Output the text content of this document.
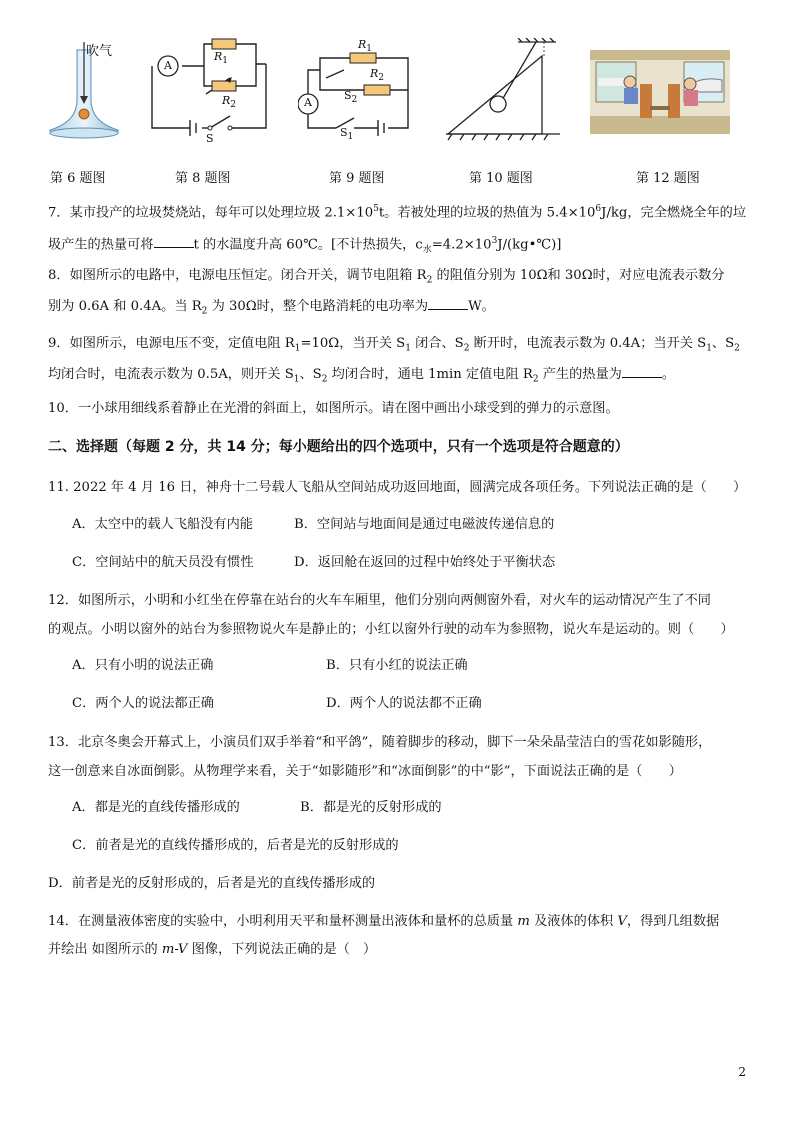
吹气
A
$R_1$
$R_2$
S
$R_1$
$R_2$
A
$S_2$
$S_1$
第 6 题图	第 8 题图	第 9 题图	第 10 题图	第 12 题图
7．某市投产的垃圾焚烧站，每年可以处理垃圾 $2.1\times 10^5t$。若被处理的垃圾的热值为 $5.4\times 10^6J/kg$，完全燃烧全年的垃
圾产生的热量可将	t 的水温度升高 60℃。[不计热损失，$c_水=4.2\times 10^3J/(kg•℃)$]
8．如图所示的电路中，电源电压恒定。闭合开关，调节电阻箱 $R_2$ 的阻值分别为 10Ω和 30Ω时，对应电流表示数分
别为 0.6A 和 0.4A。当 $R_2$ 为 30Ω时，整个电路消耗的电功率为	W。
9．如图所示，电源电压不变，定值电阻 $R_1=10\Omega$，当开关 $S_1$ 闭合、$S_2$ 断开时，电流表示数为 0.4A；当开关 $S_1$、$S_2$
均闭合时，电流表示数为 0.5A，则开关 $S_1$、$S_2$ 均闭合时，通电 1min 定值电阻 $R_2$ 产生的热量为	。
10．一小球用细线系着静止在光滑的斜面上，如图所示。请在图中画出小球受到的弹力的示意图。
二、选择题（每题 2 分，共 14 分；每小题给出的四个选项中，只有一个选项是符合题意的）
11. 2022 年 4 月 16 日，神舟十二号载人飞船从空间站成功返回地面，圆满完成各项任务。下列说法正确的是（　　）
A．太空中的载人飞船没有内能	B．空间站与地面间是通过电磁波传递信息的
C．空间站中的航天员没有惯性	D．返回舱在返回的过程中始终处于平衡状态
12．如图所示，小明和小红坐在停靠在站台的火车车厢里，他们分别向两侧窗外看，对火车的运动情况产生了不同
的观点。小明以窗外的站台为参照物说火车是静止的；小红以窗外行驶的动车为参照物，说火车是运动的。则（　　）
A．只有小明的说法正确	B．只有小红的说法正确
C．两个人的说法都正确	D．两个人的说法都不正确
13．北京冬奥会开幕式上，小演员们双手举着“和平鸽”，随着脚步的移动，脚下一朵朵晶莹洁白的雪花如影随形，
这一创意来自冰面倒影。从物理学来看，关于“如影随形”和“冰面倒影”的中“影”，下面说法正确的是（　　）
A．都是光的直线传播形成的	B．都是光的反射形成的
C．前者是光的直线传播形成的，后者是光的反射形成的
D．前者是光的反射形成的，后者是光的直线传播形成的
14．在测量液体密度的实验中，小明利用天平和量杯测量出液体和量杯的总质量 m 及液体的体积 V，得到几组数据
并绘出 如图所示的 m-V 图像，下列说法正确的是（　）
2
